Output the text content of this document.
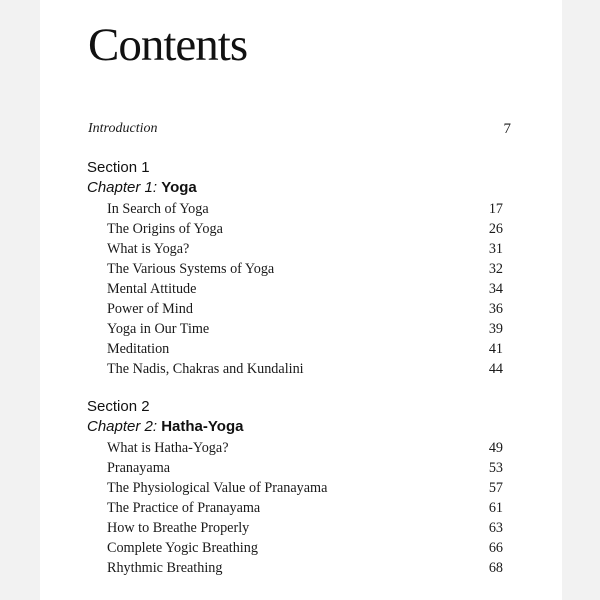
Contents
Introduction	7
Section 1
Chapter 1: Yoga
In Search of Yoga	17
The Origins of Yoga	26
What is Yoga?	31
The Various Systems of Yoga	32
Mental Attitude	34
Power of Mind	36
Yoga in Our Time	39
Meditation	41
The Nadis, Chakras and Kundalini	44
Section 2
Chapter 2: Hatha-Yoga
What is Hatha-Yoga?	49
Pranayama	53
The Physiological Value of Pranayama	57
The Practice of Pranayama	61
How to Breathe Properly	63
Complete Yogic Breathing	66
Rhythmic Breathing	68
